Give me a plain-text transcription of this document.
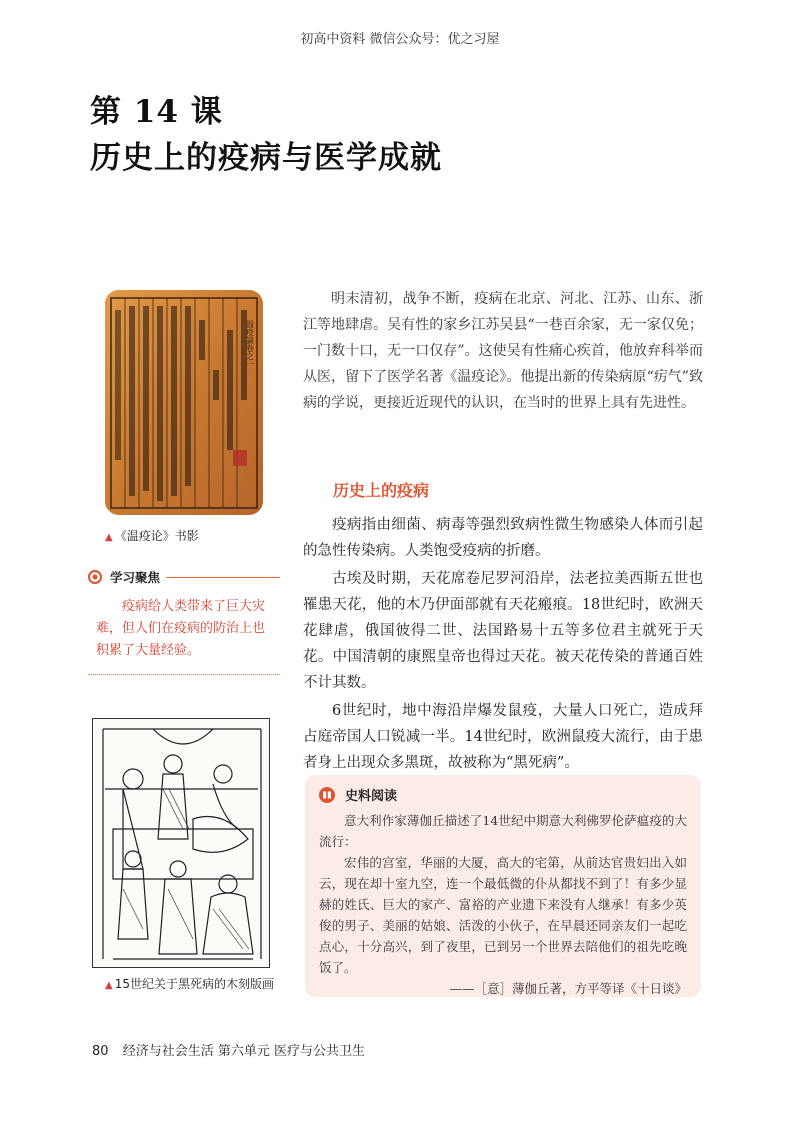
初高中资料 微信公众号：优之习屋
第 14 课
历史上的疫病与医学成就
温疫論卷之一
▲ 《温疫论》书影
学习聚焦

疫病给人类带来了巨大灾难，但人们在疫病的防治上也积累了大量经验。

▲ 15世纪关于黑死病的木刻版画

明末清初，战争不断，疫病在北京、河北、江苏、山东、浙江等地肆虐。吴有性的家乡江苏吴县“一巷百余家，无一家仅免；一门数十口，无一口仅存”。这使吴有性痛心疾首，他放弃科举而从医，留下了医学名著《温疫论》。他提出新的传染病原“疠气”致病的学说，更接近近现代的认识，在当时的世界上具有先进性。

历史上的疫病

疫病指由细菌、病毒等强烈致病性微生物感染人体而引起的急性传染病。人类饱受疫病的折磨。

古埃及时期，天花席卷尼罗河沿岸，法老拉美西斯五世也罹患天花，他的木乃伊面部就有天花瘢痕。18世纪时，欧洲天花肆虐，俄国彼得二世、法国路易十五等多位君主就死于天花。中国清朝的康熙皇帝也得过天花。被天花传染的普通百姓不计其数。

6世纪时，地中海沿岸爆发鼠疫，大量人口死亡，造成拜占庭帝国人口锐减一半。14世纪时，欧洲鼠疫大流行，由于患者身上出现众多黑斑，故被称为“黑死病”。

史料阅读

意大利作家薄伽丘描述了14世纪中期意大利佛罗伦萨瘟疫的大流行：

宏伟的宫室，华丽的大厦，高大的宅第，从前达官贵妇出入如云，现在却十室九空，连一个最低微的仆从都找不到了！有多少显赫的姓氏、巨大的家产、富裕的产业遗下来没有人继承！有多少英俊的男子、美丽的姑娘、活泼的小伙子，在早晨还同亲友们一起吃点心，十分高兴，到了夜里，已到另一个世界去陪他们的祖先吃晚饭了。

——［意］薄伽丘著，方平等译《十日谈》

80 经济与社会生活 第六单元 医疗与公共卫生
